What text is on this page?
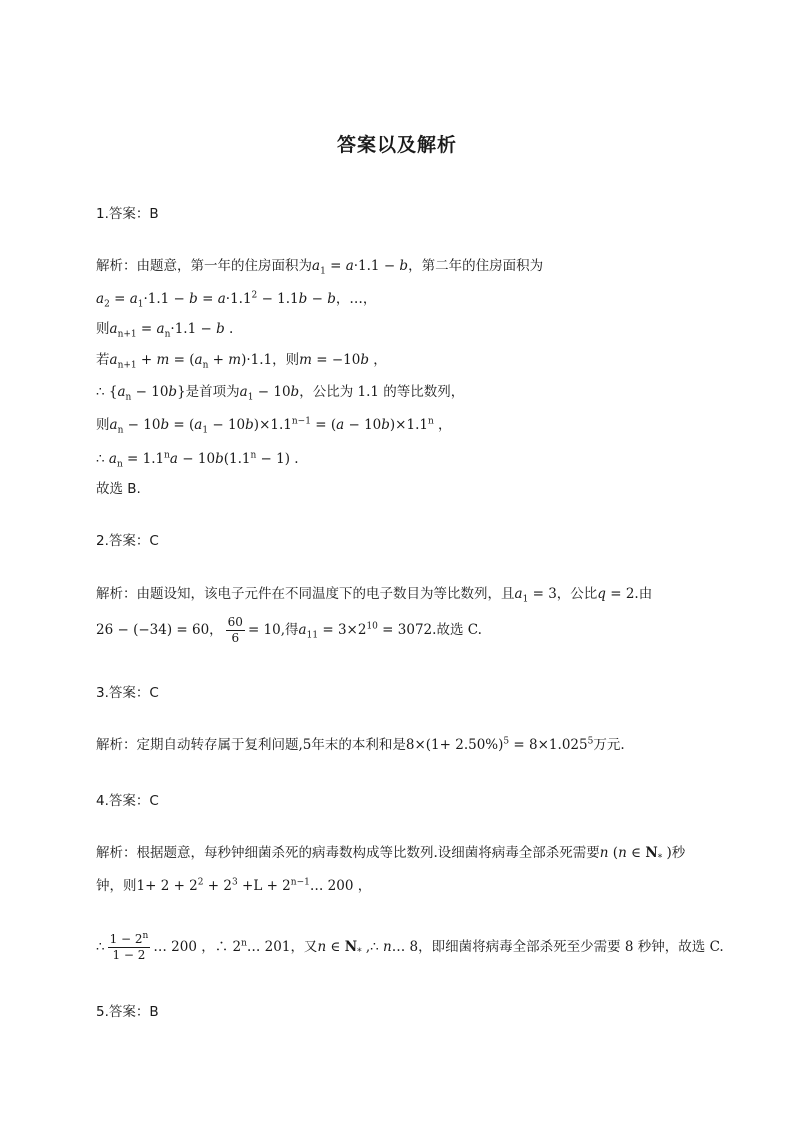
答案以及解析
1.答案：B
解析：由题意，第一年的住房面积为$a_1 = a\cdot 1.1 - b$，第二年的住房面积为
$a_2 = a_1\cdot 1.1 - b = a\cdot 1.1^2 - 1.1b - b$，…，
则$a_{n+1} = a_n\cdot 1.1 - b$ .
若$a_{n+1} + m = (a_n + m)\cdot 1.1$，则m = −10b ，
∴ $\{a_n - 10b\}$是首项为$a_1 - 10b$，公比为 1.1 的等比数列，
则$a_n - 10b = (a_1 - 10b)\times 1.1^{n-1} = (a - 10b)\times 1.1^n$ ，
∴ $a_n = 1.1^na - 10b(1.1^n - 1)$ .
故选 B.
2.答案：C
解析：由题设知，该电子元件在不同温度下的电子数目为等比数列，且$a_1 = 3$，公比q = 2.由
26 − (−34) = 60， $\frac{60}{6} = 10$,得$a_{11} = 3\times 2^{10} = 3072$.故选 C.
3.答案：C
解析：定期自动转存属于复利问题,5年末的本利和是$8\times(1+ 2.50\%)^5 = 8\times 1.025^5$万元.
4.答案：C
解析：根据题意，每秒钟细菌杀死的病毒数构成等比数列.设细菌将病毒全部杀死需要n (n ∈ $N_*$ )秒
钟，则$1+ 2 + 2^2 + 2^3 +L$ + $2^{n-1}\dots$ 200 ，
∴ $\frac{1 - 2^n}{1 - 2}$ … 200 ，∴ 2$^n$… 201，又n ∈ $N_*$ ,∴ n… 8，即细菌将病毒全部杀死至少需要 8 秒钟，故选 C.
5.答案：B
